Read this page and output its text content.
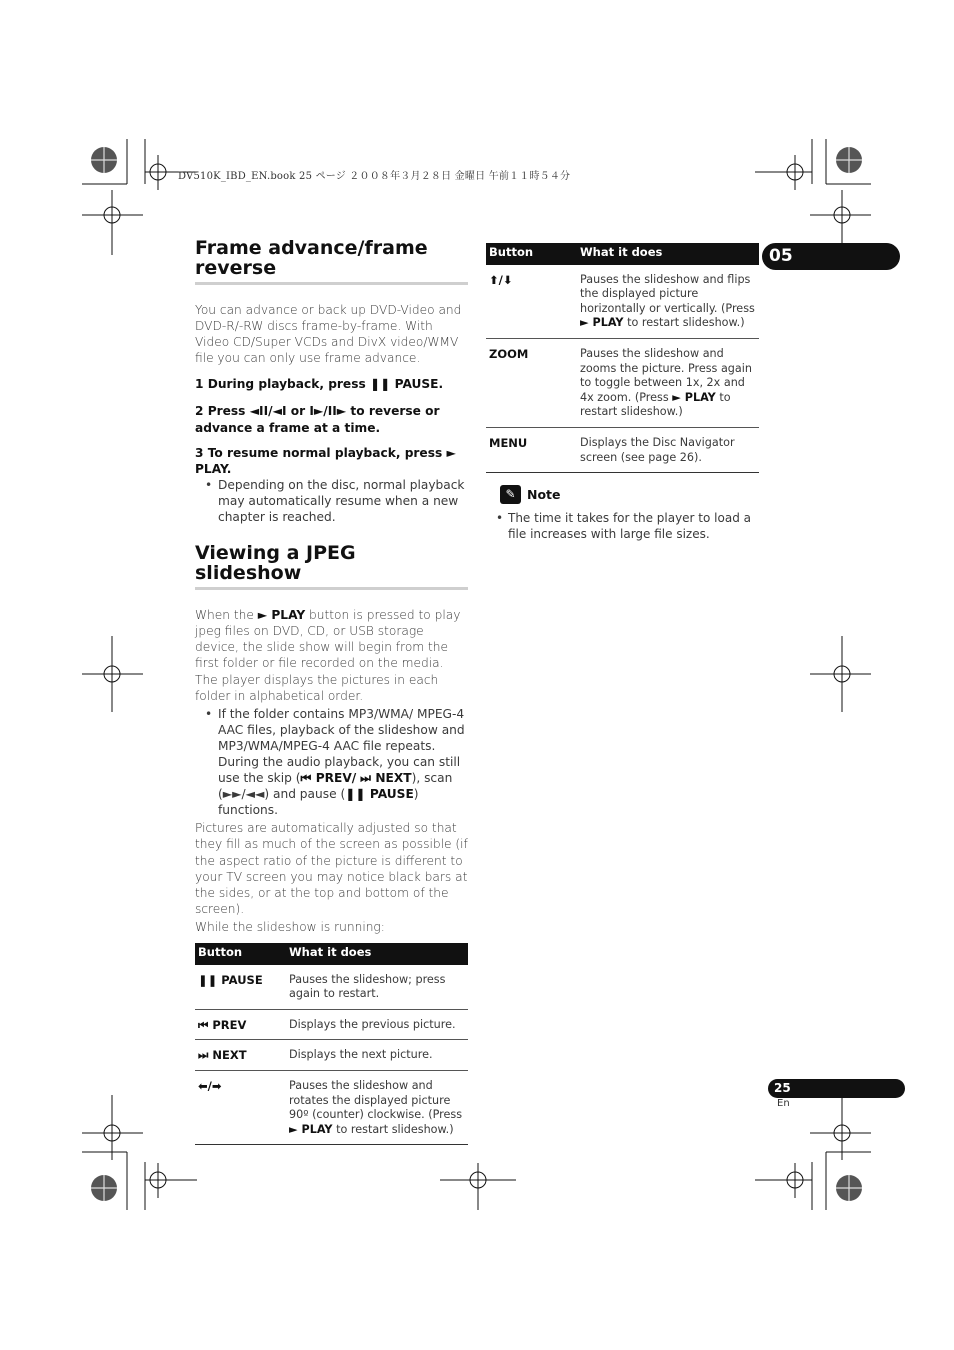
DV510K_IBD_EN.book 25 ページ ２００８年３月２８日 金曜日 午前１１時５４分
05
Frame advance/frame reverse

You can advance or back up DVD-Video and DVD-R/-RW discs frame-by-frame. With Video CD/Super VCDs and DivX video/WMV file you can only use frame advance.

1 During playback, press ❚❚ PAUSE.

2 Press ◄II/◄I or I►/II► to reverse or advance a frame at a time.

3 To resume normal playback, press ► PLAY.

• Depending on the disc, normal playback may automatically resume when a new chapter is reached.
Viewing a JPEG slideshow

When the ► PLAY button is pressed to play jpeg files on DVD, CD, or USB storage device, the slide show will begin from the first folder or file recorded on the media. The player displays the pictures in each folder in alphabetical order.

• If the folder contains MP3/WMA/ MPEG-4 AAC files, playback of the slideshow and MP3/WMA/MPEG-4 AAC file repeats. During the audio playback, you can still use the skip (⏮ PREV/ ⏭ NEXT), scan (►►/◄◄) and pause (❚❚ PAUSE) functions.

Pictures are automatically adjusted so that they fill as much of the screen as possible (if the aspect ratio of the picture is different to your TV screen you may notice black bars at the sides, or at the top and bottom of the screen).

While the slideshow is running:

Button	What it does
❚❚ PAUSE	Pauses the slideshow; press again to restart.
⏮ PREV	Displays the previous picture.
⏭ NEXT	Displays the next picture.
⬅/➡	Pauses the slideshow and rotates the displayed picture 90º (counter) clockwise. (Press ► PLAY to restart slideshow.)
Button	What it does
⬆/⬇	Pauses the slideshow and flips the displayed picture horizontally or vertically. (Press ► PLAY to restart slideshow.)
ZOOM	Pauses the slideshow and zooms the picture. Press again to toggle between 1x, 2x and 4x zoom. (Press ► PLAY to restart slideshow.)
MENU	Displays the Disc Navigator screen (see page 26).
✎ Note
• The time it takes for the player to load a file increases with large file sizes.
25
En
